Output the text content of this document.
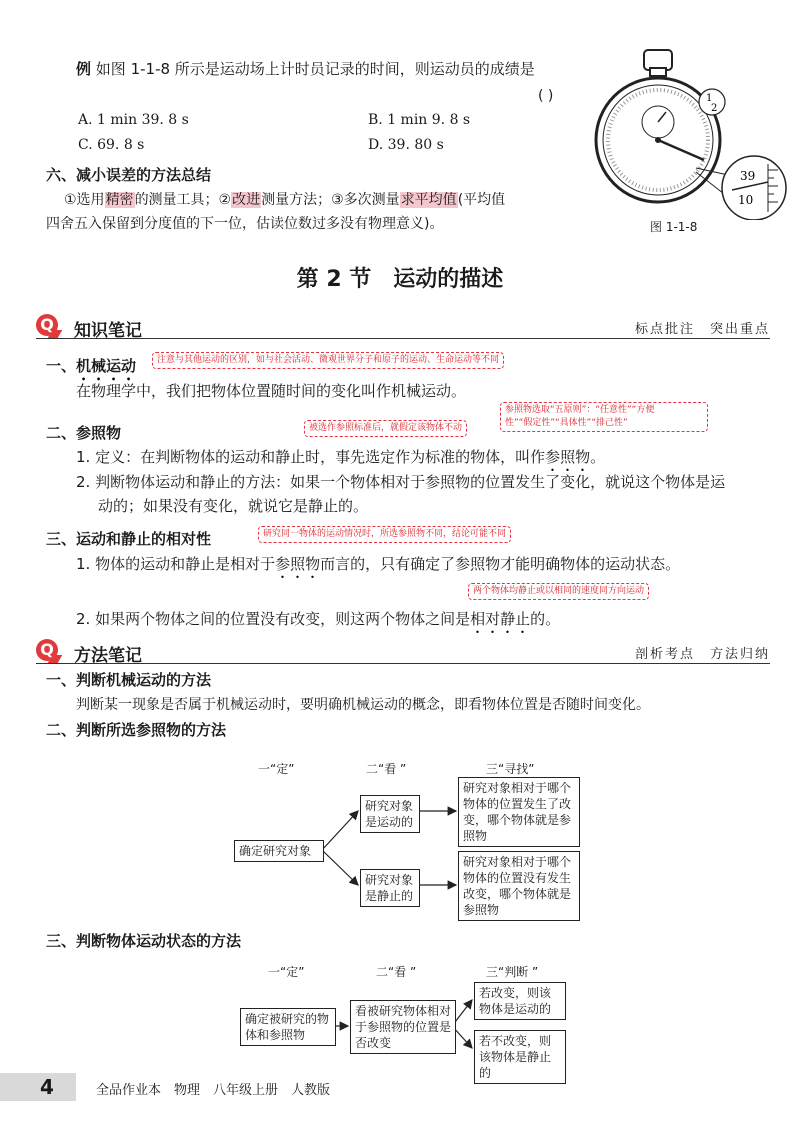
例 如图 1-1-8 所示是运动场上计时员记录的时间，则运动员的成绩是
( )
A. 1 min 39. 8 s	B. 1 min 9. 8 s
C. 69. 8 s	D. 39. 80 s
1
2
39
10
图 1-1-8
六、减小误差的方法总结
①选用精密的测量工具；②改进测量方法；③多次测量求平均值(平均值
四舍五入保留到分度值的下一位，估读位数过多没有物理意义)。
第 2 节　运动的描述
Q 知识笔记	标点批注　突出重点
一、机械运动	注意与其他运动的区别，如与社会活动、微观世界分子和原子的运动、生命运动等不同
在物理学中，我们把物体位置随时间的变化叫作机械运动。
参照物选取“五原则”：“任意性”“方便
性”“假定性”“具体性”“排己性”
二、参照物	被选作参照标准后，就假定该物体不动
1. 定义：在判断物体的运动和静止时，事先选定作为标准的物体，叫作参照物。
2. 判断物体运动和静止的方法：如果一个物体相对于参照物的位置发生了变化，就说这个物体是运
动的；如果没有变化，就说它是静止的。
三、运动和静止的相对性	研究同一物体的运动情况时，所选参照物不同，结论可能不同
1. 物体的运动和静止是相对于参照物而言的，只有确定了参照物才能明确物体的运动状态。
两个物体均静止或以相同的速度同方向运动
2. 如果两个物体之间的位置没有改变，则这两个物体之间是相对静止的。
Q 方法笔记	剖析考点　方法归纳
一、判断机械运动的方法
判断某一现象是否属于机械运动时，要明确机械运动的概念，即看物体位置是否随时间变化。
二、判断所选参照物的方法
一“定”	二“看 ”	三“寻找”
确定研究对象
研究对象是运动的
研究对象是静止的
研究对象相对于哪个物体的位置发生了改变，哪个物体就是参照物
研究对象相对于哪个物体的位置没有发生改变，哪个物体就是参照物
三、判断物体运动状态的方法
一“定”	二“看 ”	三“判断 ”
确定被研究的物体和参照物
看被研究物体相对于参照物的位置是否改变
若改变，则该物体是运动的
若不改变，则该物体是静止的
4	全品作业本　物理　八年级上册　人教版
